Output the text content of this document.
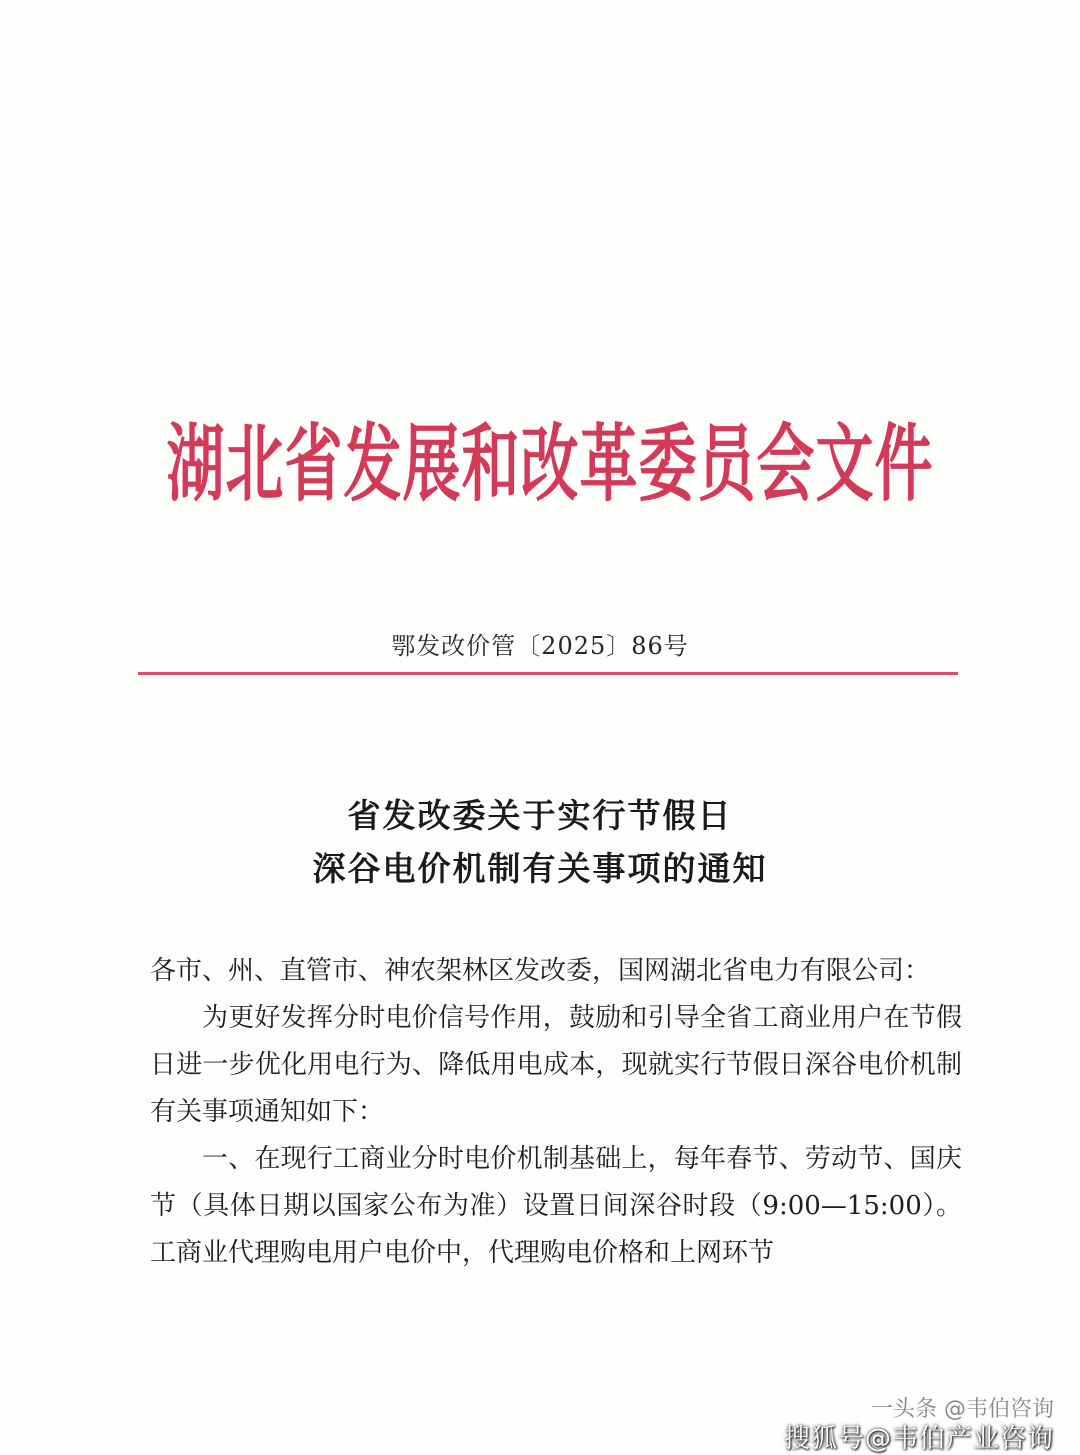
湖北省发展和改革委员会文件
鄂发改价管〔2025〕86号
省发改委关于实行节假日
深谷电价机制有关事项的通知

各市、州、直管市、神农架林区发改委，国网湖北省电力有限公司：

为更好发挥分时电价信号作用，鼓励和引导全省工商业用户在节假日进一步优化用电行为、降低用电成本，现就实行节假日深谷电价机制有关事项通知如下：

一、在现行工商业分时电价机制基础上，每年春节、劳动节、国庆节（具体日期以国家公布为准）设置日间深谷时段（9:00—15:00）。工商业代理购电用户电价中，代理购电价格和上网环节

一头条 @韦伯咨询
搜狐号@韦伯产业咨询
